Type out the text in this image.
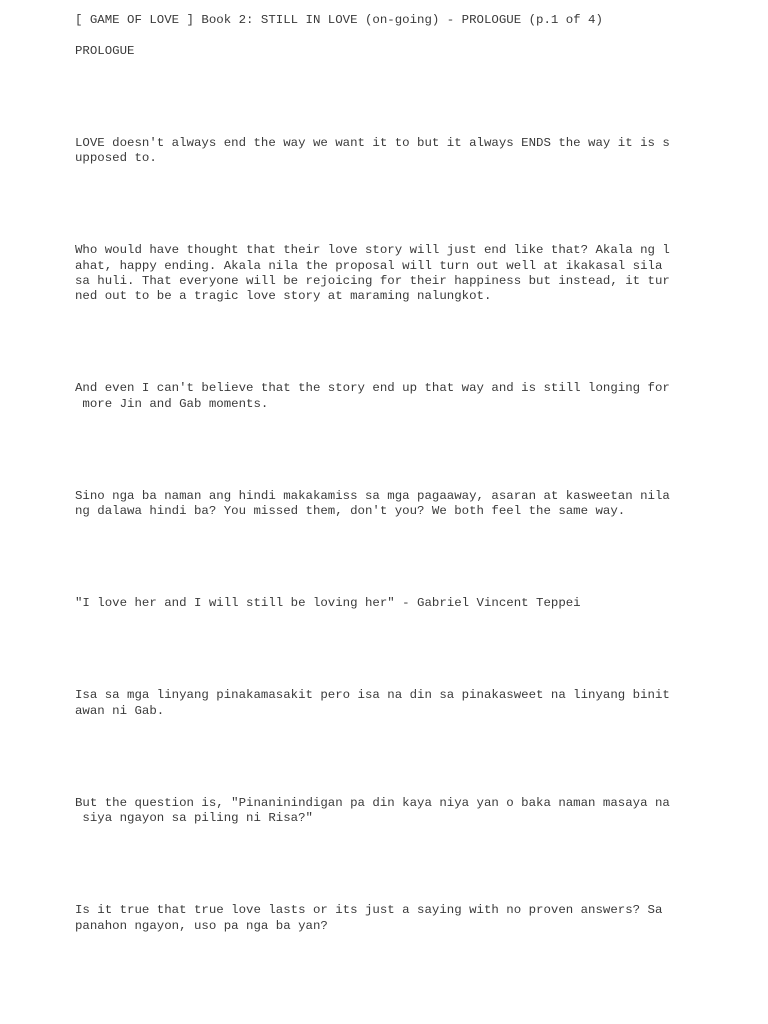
[ GAME OF LOVE ] Book 2: STILL IN LOVE (on-going) - PROLOGUE (p.1 of 4)
PROLOGUE
LOVE doesn't always end the way we want it to but it always ENDS the way it is s
upposed to.
Who would have thought that their love story will just end like that? Akala ng l
ahat, happy ending. Akala nila the proposal will turn out well at ikakasal sila
sa huli. That everyone will be rejoicing for their happiness but instead, it tur
ned out to be a tragic love story at maraming nalungkot.
And even I can't believe that the story end up that way and is still longing for
more Jin and Gab moments.
Sino nga ba naman ang hindi makakamiss sa mga pagaaway, asaran at kasweetan nila
ng dalawa hindi ba? You missed them, don't you? We both feel the same way.
"I love her and I will still be loving her" - Gabriel Vincent Teppei
Isa sa mga linyang pinakamasakit pero isa na din sa pinakasweet na linyang binit
awan ni Gab.
But the question is, "Pinaninindigan pa din kaya niya yan o baka naman masaya na
siya ngayon sa piling ni Risa?"
Is it true that true love lasts or its just a saying with no proven answers? Sa
panahon ngayon, uso pa nga ba yan?
